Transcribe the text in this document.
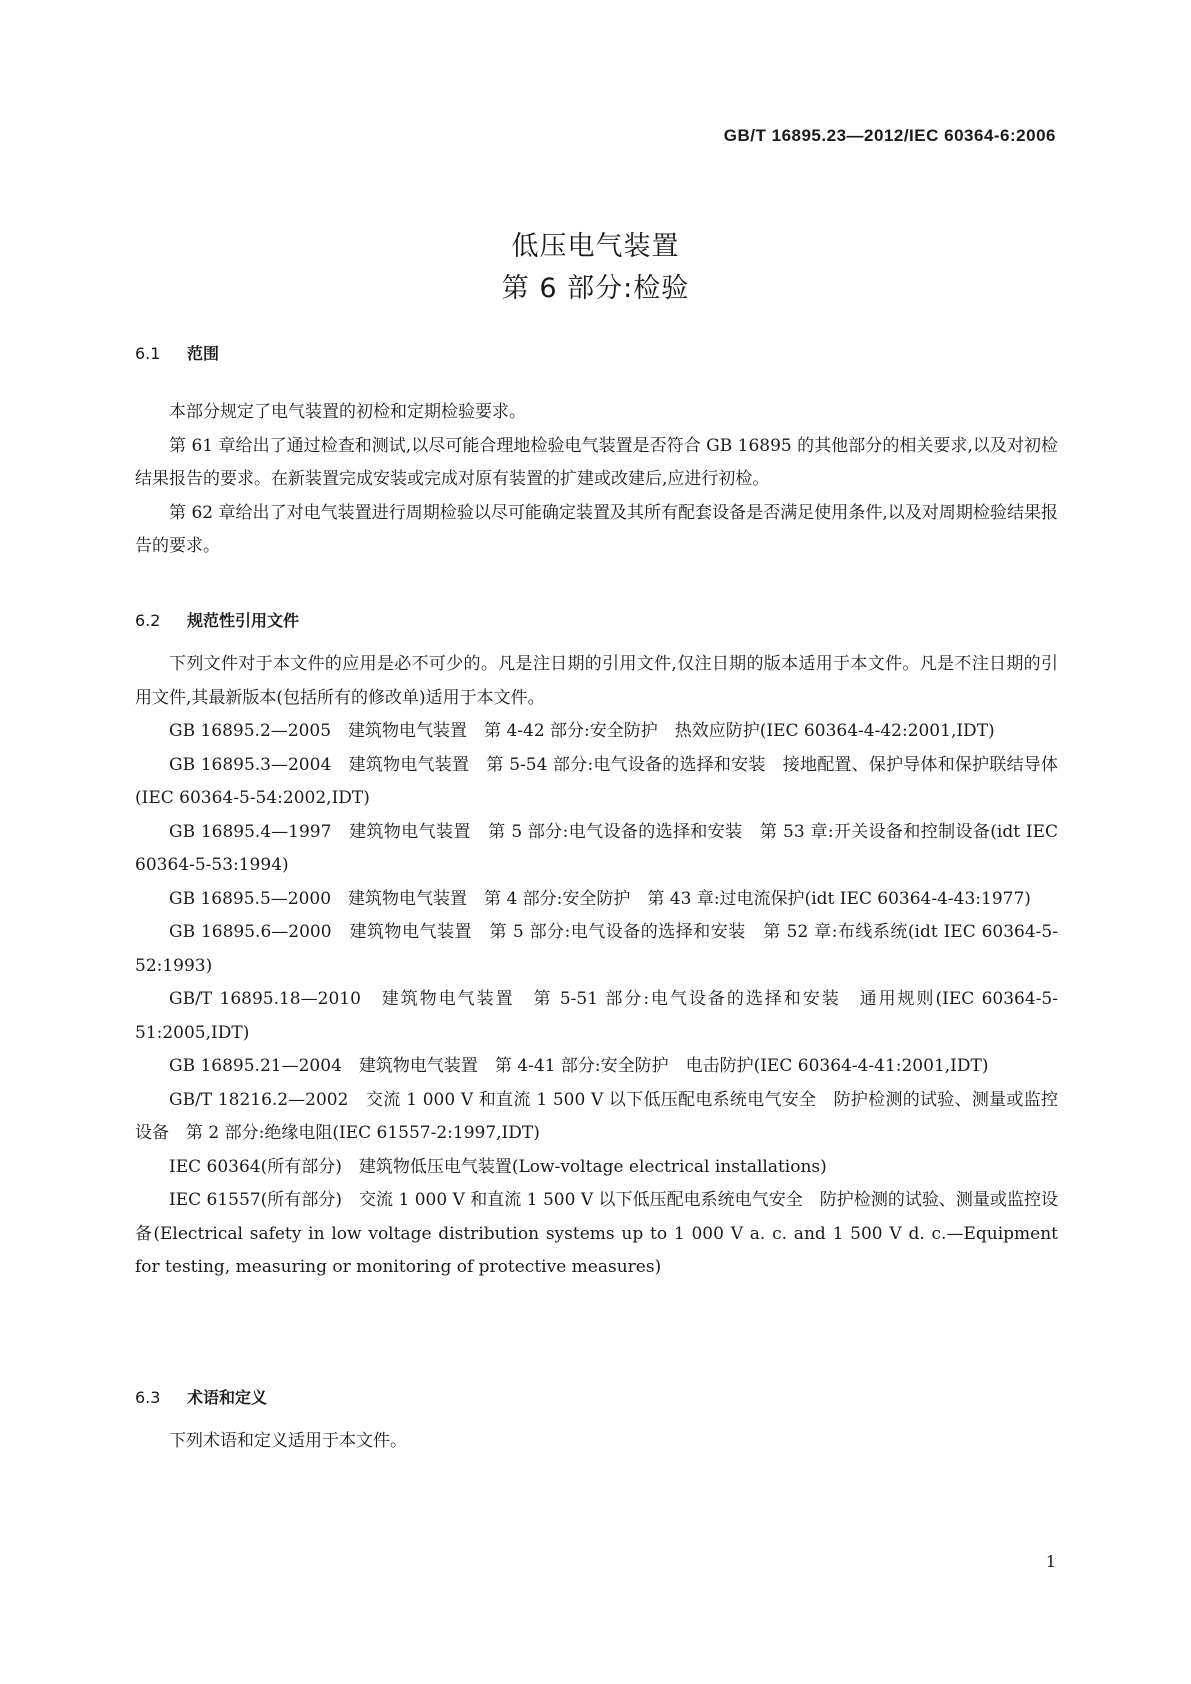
GB/T 16895.23—2012/IEC 60364-6:2006
低压电气装置
第 6 部分:检验
6.1 范围

本部分规定了电气装置的初检和定期检验要求。

第 61 章给出了通过检查和测试,以尽可能合理地检验电气装置是否符合 GB 16895 的其他部分的相关要求,以及对初检结果报告的要求。在新装置完成安装或完成对原有装置的扩建或改建后,应进行初检。

第 62 章给出了对电气装置进行周期检验以尽可能确定装置及其所有配套设备是否满足使用条件,以及对周期检验结果报告的要求。

6.2 规范性引用文件

下列文件对于本文件的应用是必不可少的。凡是注日期的引用文件,仅注日期的版本适用于本文件。凡是不注日期的引用文件,其最新版本(包括所有的修改单)适用于本文件。

GB 16895.2—2005　建筑物电气装置　第 4-42 部分:安全防护　热效应防护(IEC 60364-4-42:2001,IDT)

GB 16895.3—2004　建筑物电气装置　第 5-54 部分:电气设备的选择和安装　接地配置、保护导体和保护联结导体(IEC 60364-5-54:2002,IDT)

GB 16895.4—1997　建筑物电气装置　第 5 部分:电气设备的选择和安装　第 53 章:开关设备和控制设备(idt IEC 60364-5-53:1994)

GB 16895.5—2000　建筑物电气装置　第 4 部分:安全防护　第 43 章:过电流保护(idt IEC 60364-4-43:1977)

GB 16895.6—2000　建筑物电气装置　第 5 部分:电气设备的选择和安装　第 52 章:布线系统(idt IEC 60364-5-52:1993)

GB/T 16895.18—2010　建筑物电气装置　第 5-51 部分:电气设备的选择和安装　通用规则(IEC 60364-5-51:2005,IDT)

GB 16895.21—2004　建筑物电气装置　第 4-41 部分:安全防护　电击防护(IEC 60364-4-41:2001,IDT)

GB/T 18216.2—2002　交流 1 000 V 和直流 1 500 V 以下低压配电系统电气安全　防护检测的试验、测量或监控设备　第 2 部分:绝缘电阻(IEC 61557-2:1997,IDT)

IEC 60364(所有部分)　建筑物低压电气装置(Low-voltage electrical installations)

IEC 61557(所有部分)　交流 1 000 V 和直流 1 500 V 以下低压配电系统电气安全　防护检测的试验、测量或监控设备(Electrical safety in low voltage distribution systems up to 1 000 V a. c. and 1 500 V d. c.—Equipment for testing, measuring or monitoring of protective measures)

6.3 术语和定义

下列术语和定义适用于本文件。

1
